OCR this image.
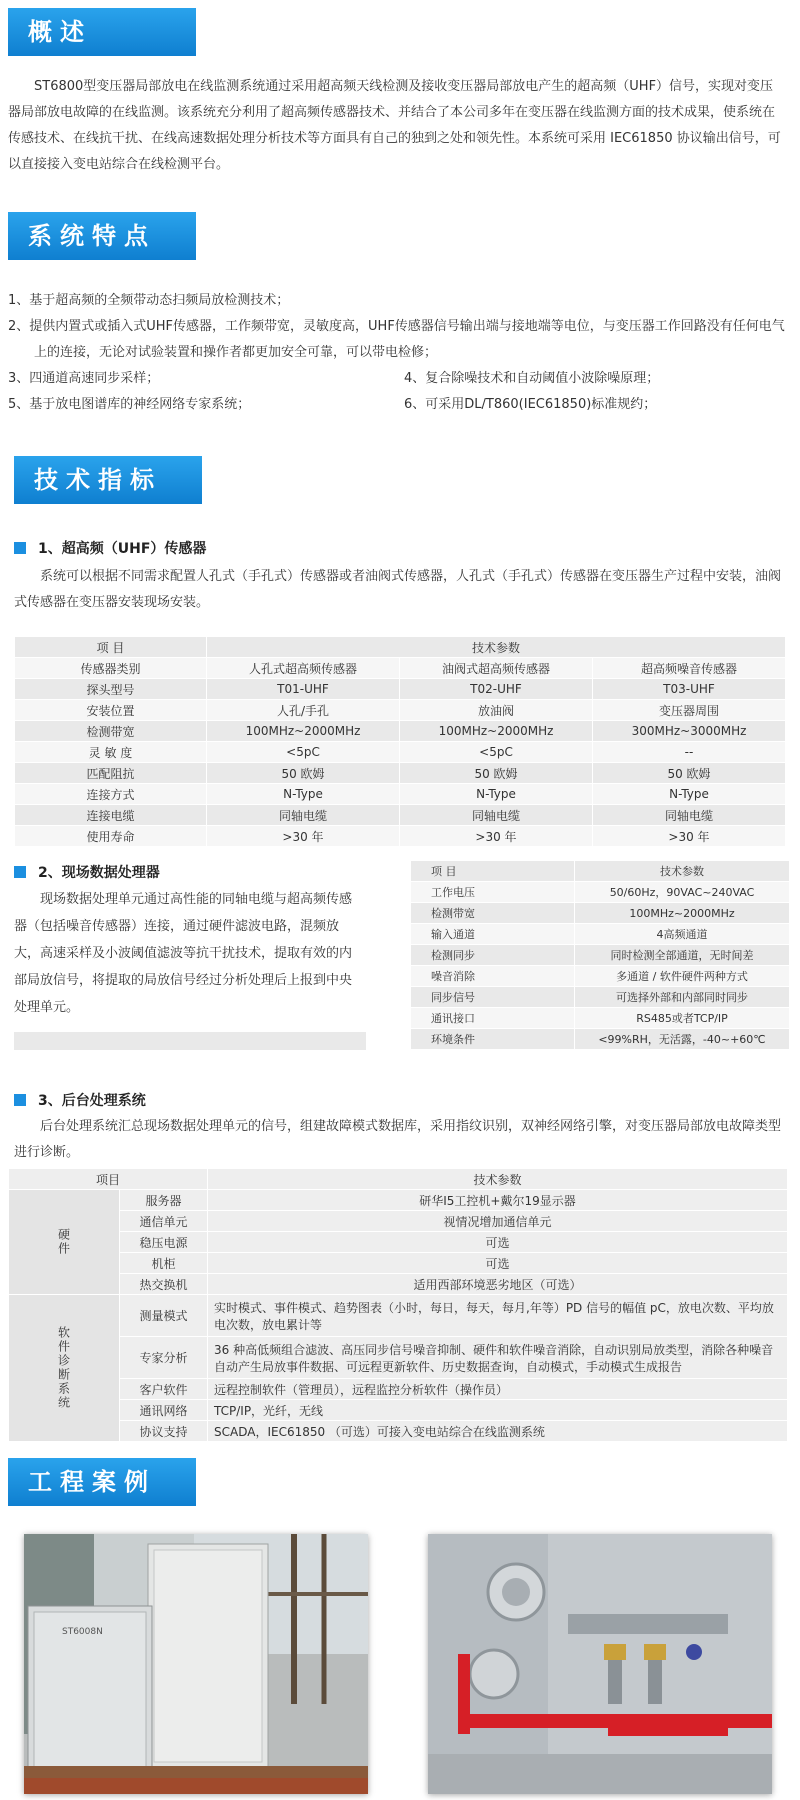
概述

ST6800型变压器局部放电在线监测系统通过采用超高频天线检测及接收变压器局部放电产生的超高频（UHF）信号，实现对变压器局部放电故障的在线监测。该系统充分利用了超高频传感器技术、并结合了本公司多年在变压器在线监测方面的技术成果，使系统在传感技术、在线抗干扰、在线高速数据处理分析技术等方面具有自己的独到之处和领先性。本系统可采用 IEC61850 协议输出信号，可以直接接入变电站综合在线检测平台。

系统特点
1、基于超高频的全频带动态扫频局放检测技术；
2、提供内置式或插入式UHF传感器，工作频带宽，灵敏度高，UHF传感器信号输出端与接地端等电位，与变压器工作回路没有任何电气上的连接，无论对试验装置和操作者都更加安全可靠，可以带电检修；
3、四通道高速同步采样；	4、复合除噪技术和自动阈值小波除噪原理；
5、基于放电图谱库的神经网络专家系统；	6、可采用DL/T860(IEC61850)标准规约；
技术指标
1、超高频（UHF）传感器

系统可以根据不同需求配置人孔式（手孔式）传感器或者油阀式传感器，人孔式（手孔式）传感器在变压器生产过程中安装，油阀式传感器在变压器安装现场安装。

项 目	技术参数		
传感器类别	人孔式超高频传感器	油阀式超高频传感器	超高频噪音传感器
探头型号	T01-UHF	T02-UHF	T03-UHF
安装位置	人孔/手孔	放油阀	变压器周围
检测带宽	100MHz~2000MHz	100MHz~2000MHz	300MHz~3000MHz
灵 敏 度	<5pC	<5pC	--
匹配阻抗	50 欧姆	50 欧姆	50 欧姆
连接方式	N-Type	N-Type	N-Type
连接电缆	同轴电缆	同轴电缆	同轴电缆
使用寿命	>30 年	>30 年	>30 年
2、现场数据处理器

现场数据处理单元通过高性能的同轴电缆与超高频传感器（包括噪音传感器）连接，通过硬件滤波电路，混频放大，高速采样及小波阈值滤波等抗干扰技术，提取有效的内部局放信号，将提取的局放信号经过分析处理后上报到中央处理单元。

项 目	技术参数
工作电压	50/60Hz，90VAC~240VAC
检测带宽	100MHz~2000MHz
输入通道	4高频通道
检测同步	同时检测全部通道，无时间差
噪音消除	多通道 / 软件硬件两种方式
同步信号	可选择外部和内部同时同步
通讯接口	RS485或者TCP/IP
环境条件	<99%RH，无活露，-40~+60℃
3、后台处理系统

后台处理系统汇总现场数据处理单元的信号，组建故障模式数据库，采用指纹识别，双神经网络引擎，对变压器局部放电故障类型进行诊断。

项目		技术参数

硬件	服务器	研华I5工控机+戴尔19显示器
	通信单元	视情况增加通信单元
	稳压电源	可选
	机柜	可选
	热交换机	适用西部环境恶劣地区（可选）

软件诊断系统	测量模式	实时模式、事件模式、趋势图表（小时，每日，每天，每月,年等）PD 信号的幅值 pC，放电次数、平均放电次数，放电累计等
	专家分析	36 种高低频组合滤波、高压同步信号噪音抑制、硬件和软件噪音消除，自动识别局放类型，消除各种噪音自动产生局放事件数据、可远程更新软件、历史数据查询，自动模式，手动模式生成报告
	客户软件	远程控制软件（管理员），远程监控分析软件（操作员）
	通讯网络	TCP/IP，光纤，无线
	协议支持	SCADA，IEC61850 （可选）可接入变电站综合在线监测系统
工程案例
ST6008N
